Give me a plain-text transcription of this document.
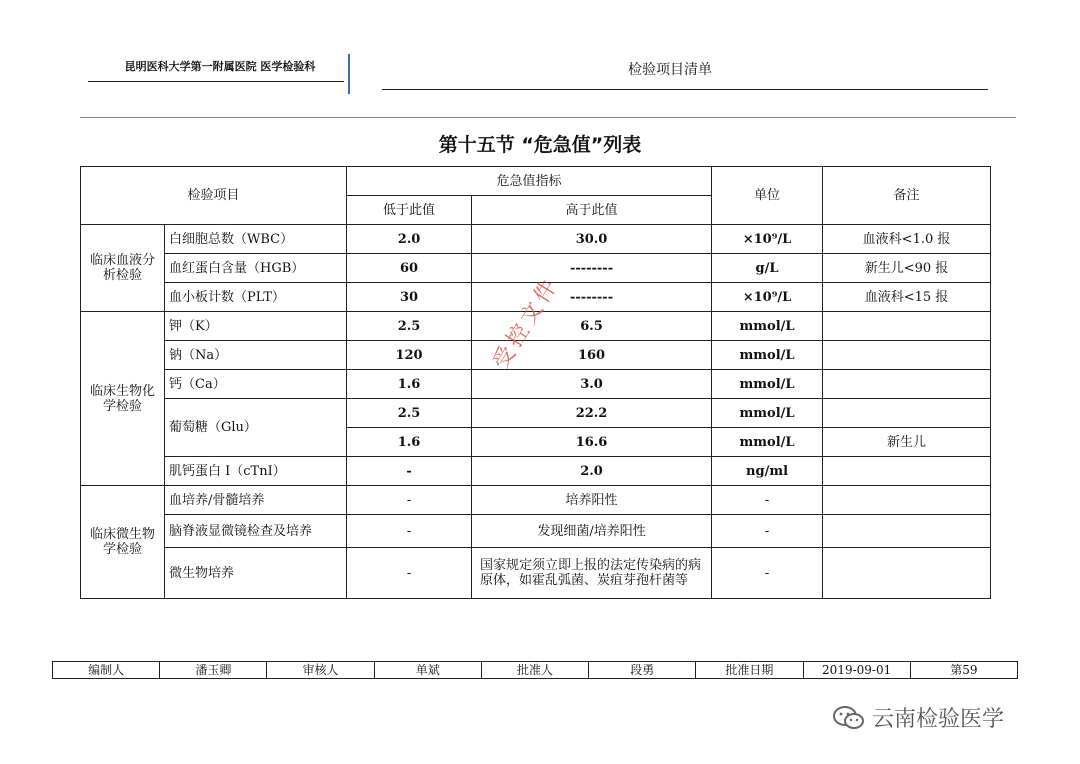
昆明医科大学第一附属医院 医学检验科	检验项目清单
第十五节 “危急值”列表
检验项目		危急值指标		单位	备注
		低于此值	高于此值		
临床血液分析检验	白细胞总数（WBC）	2.0	30.0	×10⁹/L	血液科<1.0 报
	血红蛋白含量（HGB）	60	--------	g/L	新生儿<90 报
	血小板计数（PLT）	30	--------	×10⁹/L	血液科<15 报
临床生物化学检验	钾（K）	2.5	6.5	mmol/L	
	钠（Na）	120	160	mmol/L	
	钙（Ca）	1.6	3.0	mmol/L	
	葡萄糖（Glu）	2.5	22.2	mmol/L	
		1.6	16.6	mmol/L	新生儿
	肌钙蛋白 I（cTnI）	-	2.0	ng/ml	
临床微生物学检验	血培养/骨髓培养	-	培养阳性	-	
	脑脊液显微镜检查及培养	-	发现细菌/培养阳性	-	
	微生物培养	-	国家规定须立即上报的法定传染病的病原体，如霍乱弧菌、炭疽芽孢杆菌等	-	
受控文件
编制人	潘玉卿	审核人	单斌	批准人	段勇	批准日期	2019-09-01	第59
云南检验医学
